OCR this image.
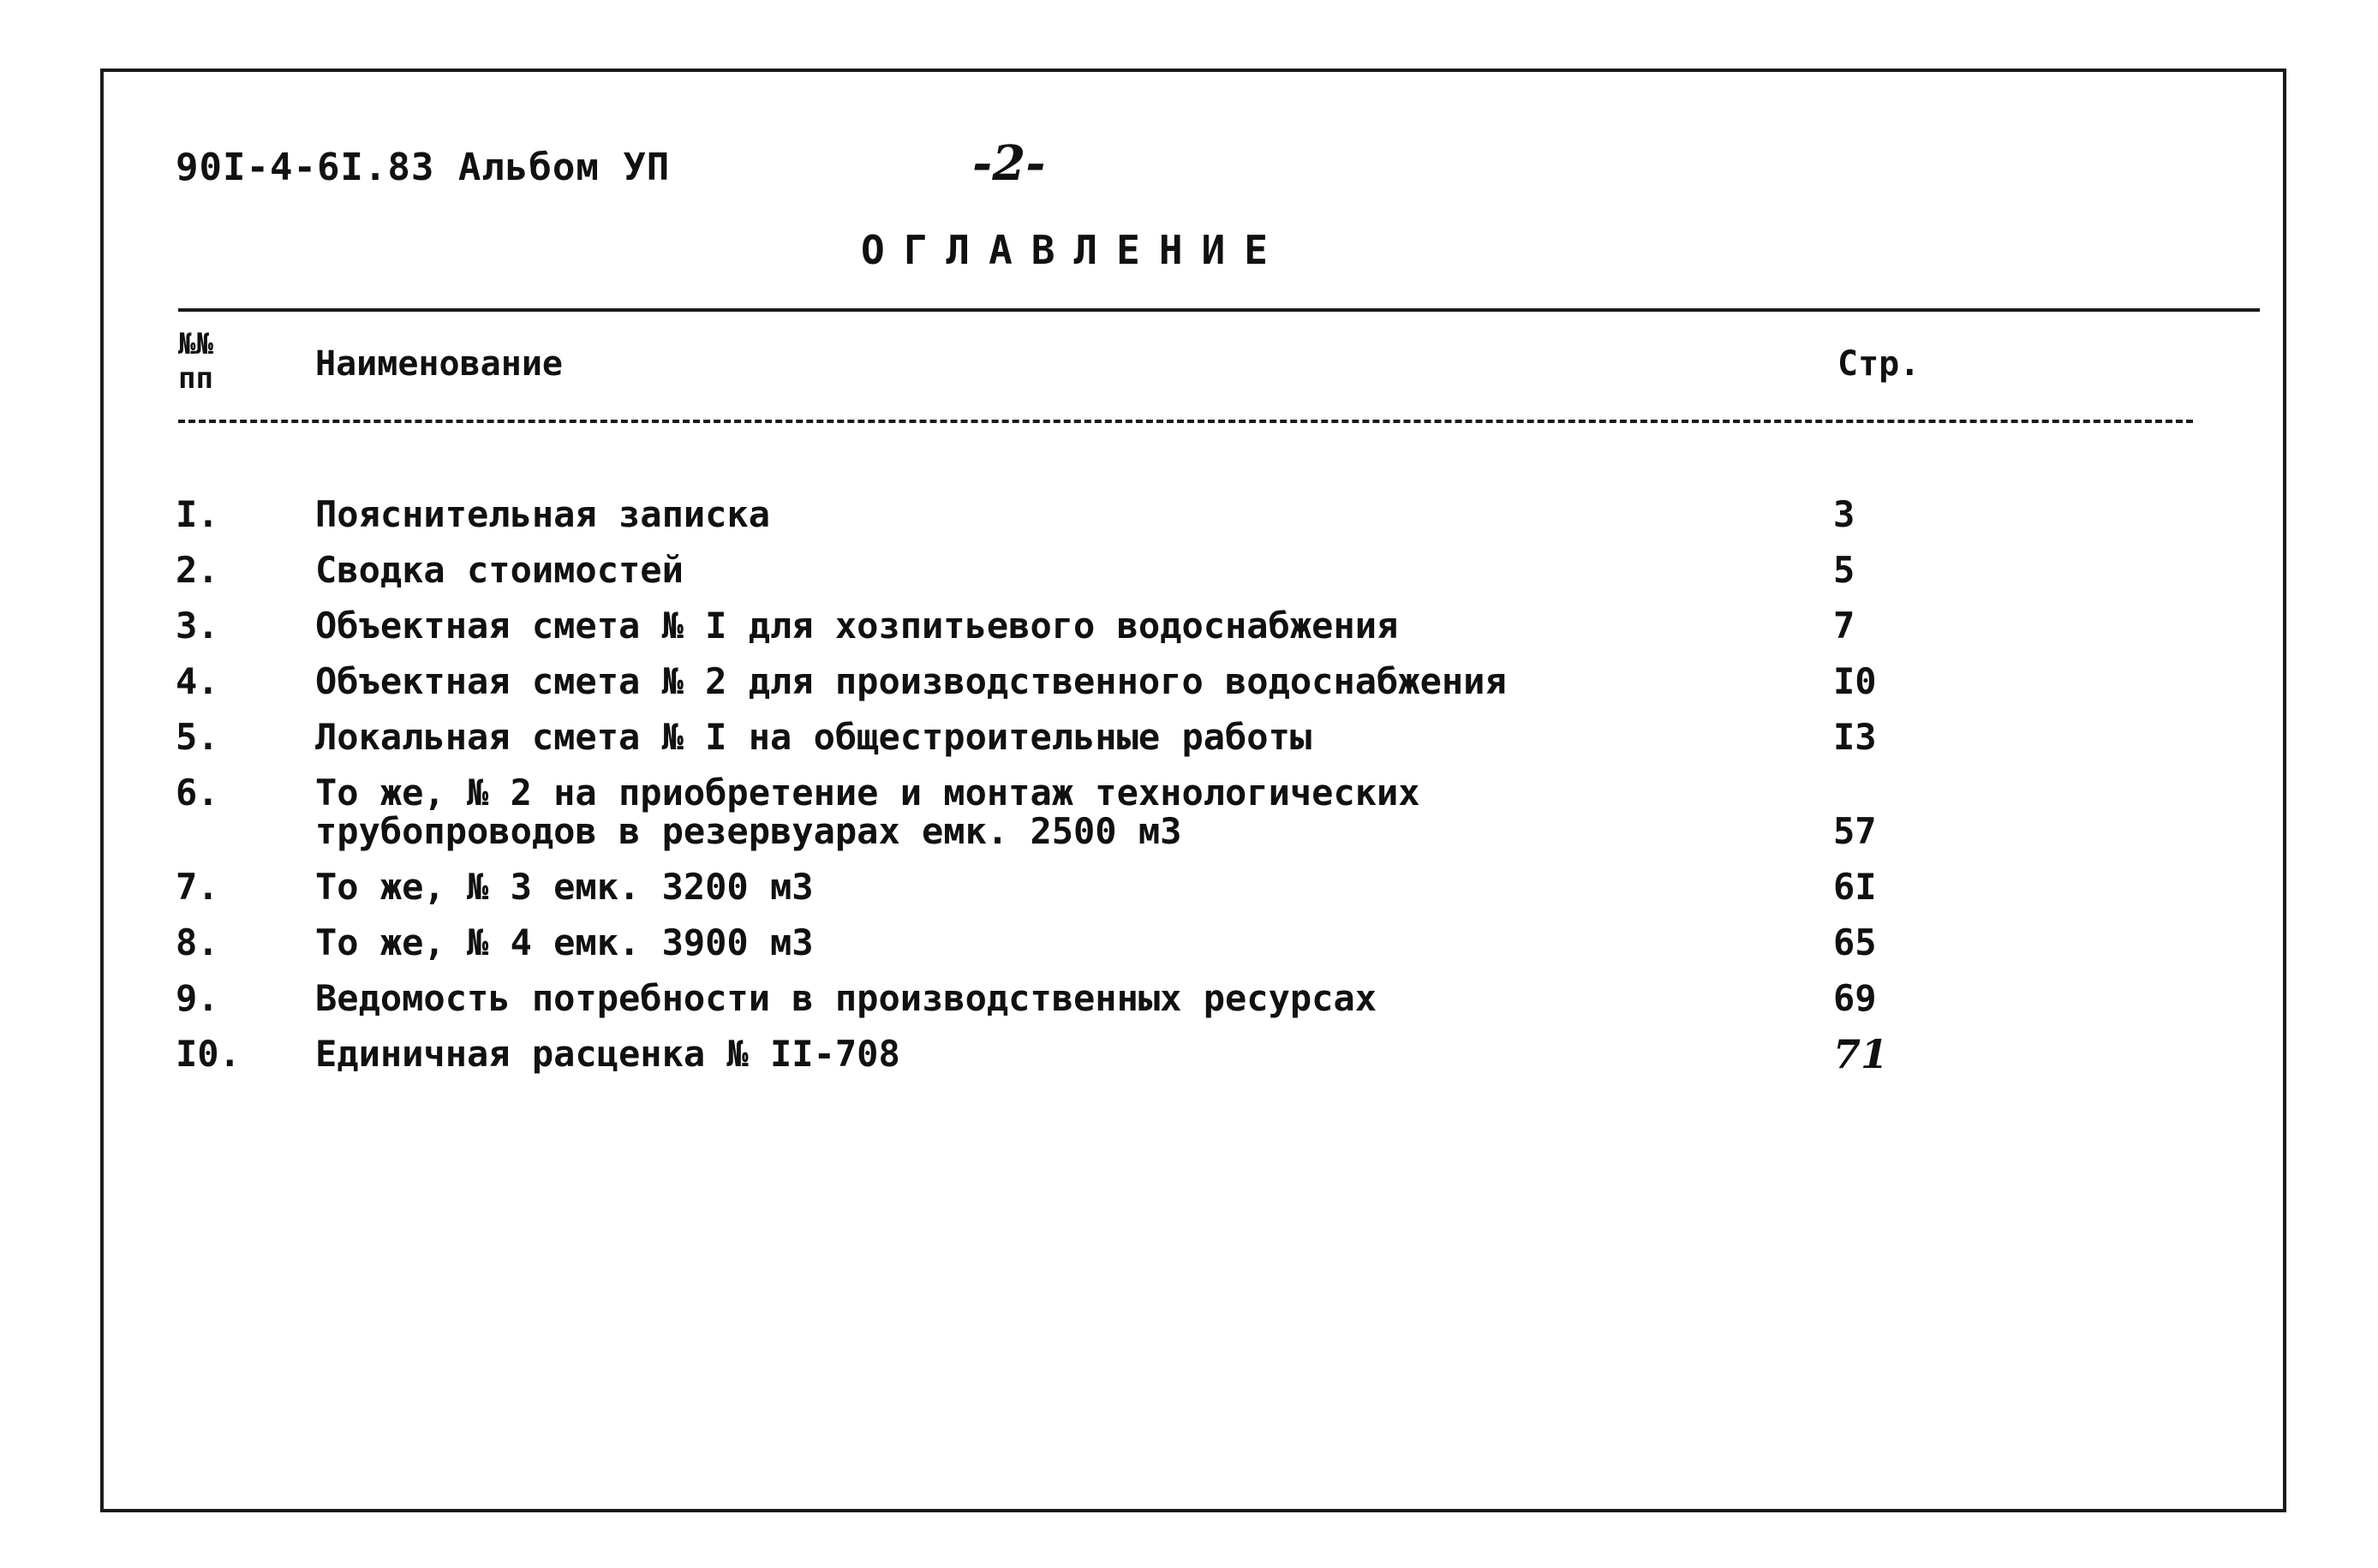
90I-4-6I.83 Альбом УП	-2-
ОГЛАВЛЕНИЕ
№№
пп	Наименование	Стр.
I.	Пояснительная записка	3
2.	Сводка стоимостей	5
3.	Объектная смета № I для хозпитьевого водоснабжения	7
4.	Объектная смета № 2 для производственного водоснабжения	I0
5.	Локальная смета № I на общестроительные работы	I3
6.	То же, № 2 на приобретение и монтаж технологических
трубопроводов в резервуарах емк. 2500 м3	57
7.	То же, № 3 емк. 3200 м3	6I
8.	То же, № 4 емк. 3900 м3	65
9.	Ведомость потребности в производственных ресурсах	69
I0. Единичная расценка № II-708	71
